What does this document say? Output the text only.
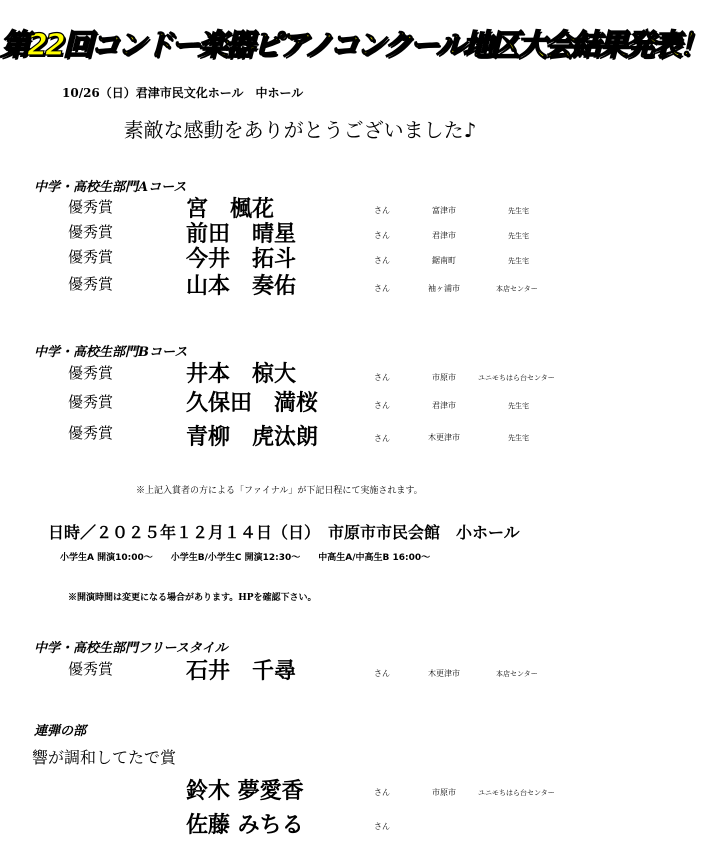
第22回コンドー楽器ピアノコンクール地区大会結果発表！
10/26（日）君津市民文化ホール　中ホール
素敵な感動をありがとうございました♪
中学・高校生部門Aコース
優秀賞	宮　楓花	さん	富津市	先生宅
優秀賞	前田　晴星	さん	君津市	先生宅
優秀賞	今井　拓斗	さん	鋸南町	先生宅
優秀賞	山本　奏佑	さん	袖ヶ浦市	本店センター
中学・高校生部門Bコース
優秀賞	井本　椋大	さん	市原市	ユニモちはら台センター
優秀賞	久保田　満桜	さん	君津市	先生宅
優秀賞	青柳　虎汰朗	さん	木更津市	先生宅
※上記入賞者の方による「ファイナル」が下記日程にて実施されます。
日時／２０２５年１２月１４日（日）　市原市市民会館　小ホール
小学生A 開演10:00～　　小学生B/小学生C 開演12:30～　　中高生A/中高生B 16:00～
※開演時間は変更になる場合があります。HPを確認下さい。
中学・高校生部門フリースタイル
優秀賞	石井　千尋	さん	木更津市	本店センター
連弾の部
響が調和してたで賞
鈴木 夢愛香	さん	市原市	ユニモちはら台センター
佐藤 みちる	さん
